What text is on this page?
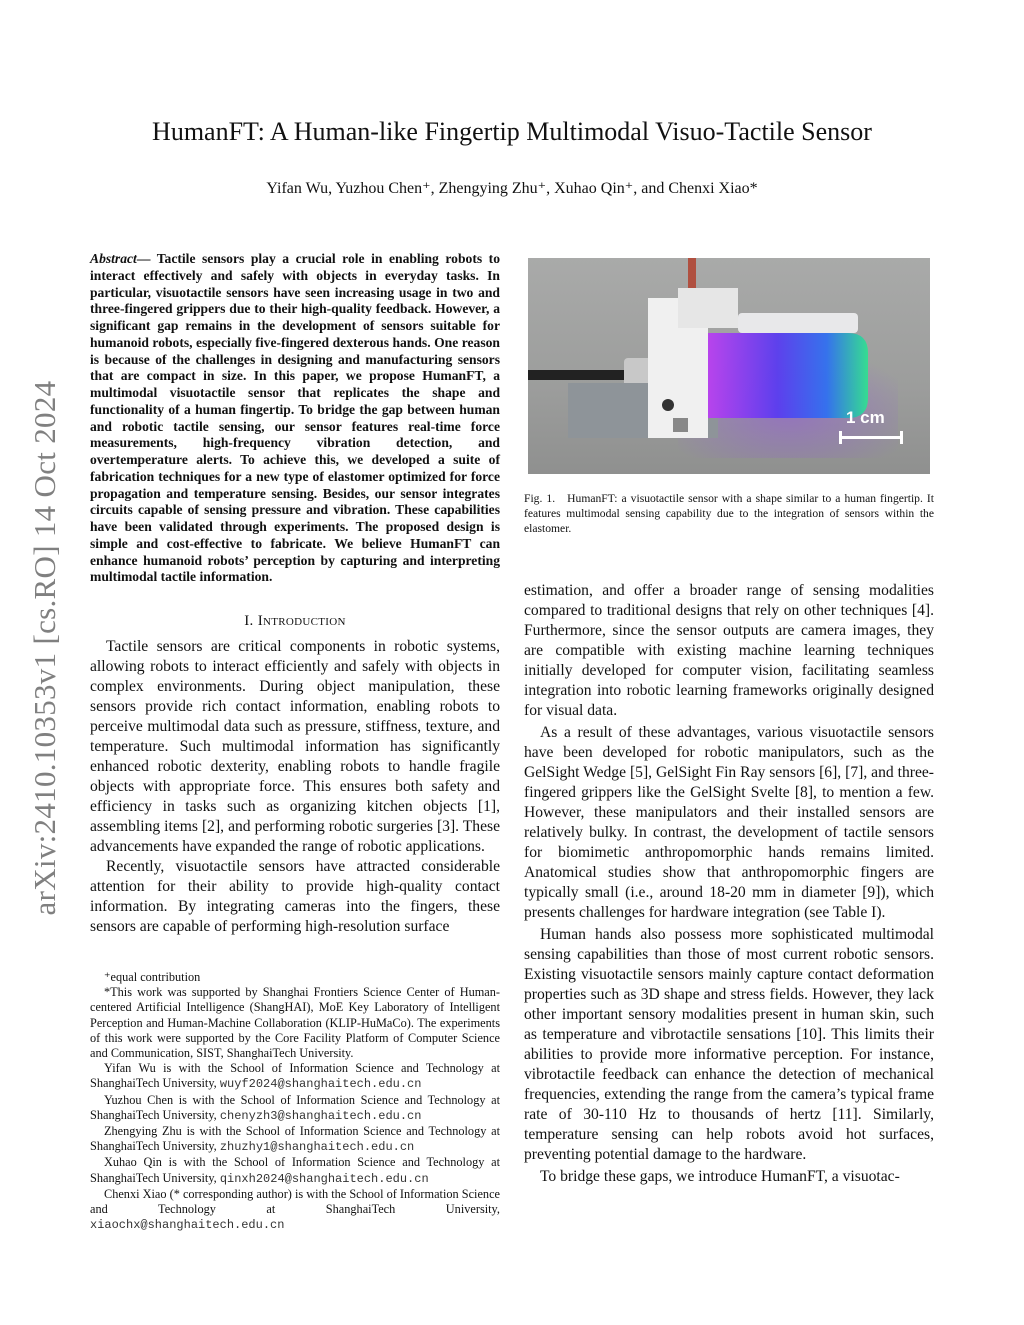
arXiv:2410.10353v1 [cs.RO] 14 Oct 2024
HumanFT: A Human-like Fingertip Multimodal Visuo-Tactile Sensor
Yifan Wu, Yuzhou Chen⁺, Zhengying Zhu⁺, Xuhao Qin⁺, and Chenxi Xiao*
Abstract— Tactile sensors play a crucial role in enabling robots to interact effectively and safely with objects in everyday tasks. In particular, visuotactile sensors have seen increasing usage in two and three-fingered grippers due to their high-quality feedback. However, a significant gap remains in the development of sensors suitable for humanoid robots, especially five-fingered dexterous hands. One reason is because of the challenges in designing and manufacturing sensors that are compact in size. In this paper, we propose HumanFT, a multimodal visuotactile sensor that replicates the shape and functionality of a human fingertip. To bridge the gap between human and robotic tactile sensing, our sensor features real-time force measurements, high-frequency vibration detection, and overtemperature alerts. To achieve this, we developed a suite of fabrication techniques for a new type of elastomer optimized for force propagation and temperature sensing. Besides, our sensor integrates circuits capable of sensing pressure and vibration. These capabilities have been validated through experiments. The proposed design is simple and cost-effective to fabricate. We believe HumanFT can enhance humanoid robots’ perception by capturing and interpreting multimodal tactile information.
I. Introduction

Tactile sensors are critical components in robotic systems, allowing robots to interact efficiently and safely with objects in complex environments. During object manipulation, these sensors provide rich contact information, enabling robots to perceive multimodal data such as pressure, stiffness, texture, and temperature. Such multimodal information has significantly enhanced robotic dexterity, enabling robots to handle fragile objects with appropriate force. This ensures both safety and efficiency in tasks such as organizing kitchen objects [1], assembling items [2], and performing robotic surgeries [3]. These advancements have expanded the range of robotic applications.

Recently, visuotactile sensors have attracted considerable attention for their ability to provide high-quality contact information. By integrating cameras into the fingers, these sensors are capable of performing high-resolution surface

⁺equal contribution

*This work was supported by Shanghai Frontiers Science Center of Human-centered Artificial Intelligence (ShangHAI), MoE Key Laboratory of Intelligent Perception and Human-Machine Collaboration (KLIP-HuMaCo). The experiments of this work were supported by the Core Facility Platform of Computer Science and Communication, SIST, ShanghaiTech University.

Yifan Wu is with the School of Information Science and Technology at ShanghaiTech University, wuyf2024@shanghaitech.edu.cn

Yuzhou Chen is with the School of Information Science and Technology at ShanghaiTech University, chenyzh3@shanghaitech.edu.cn

Zhengying Zhu is with the School of Information Science and Technology at ShanghaiTech University, zhuzhy1@shanghaitech.edu.cn

Xuhao Qin is with the School of Information Science and Technology at ShanghaiTech University, qinxh2024@shanghaitech.edu.cn

Chenxi Xiao (* corresponding author) is with the School of Information Science and Technology at ShanghaiTech University, xiaochx@shanghaitech.edu.cn

1 cm
Fig. 1.   HumanFT: a visuotactile sensor with a shape similar to a human fingertip. It features multimodal sensing capability due to the integration of sensors within the elastomer.

estimation, and offer a broader range of sensing modalities compared to traditional designs that rely on other techniques [4]. Furthermore, since the sensor outputs are camera images, they are compatible with existing machine learning techniques initially developed for computer vision, facilitating seamless integration into robotic learning frameworks originally designed for visual data.

As a result of these advantages, various visuotactile sensors have been developed for robotic manipulators, such as the GelSight Wedge [5], GelSight Fin Ray sensors [6], [7], and three-fingered grippers like the GelSight Svelte [8], to mention a few. However, these manipulators and their installed sensors are relatively bulky. In contrast, the development of tactile sensors for biomimetic anthropomorphic hands remains limited. Anatomical studies show that anthropomorphic fingers are typically small (i.e., around 18-20 mm in diameter [9]), which presents challenges for hardware integration (see Table I).

Human hands also possess more sophisticated multimodal sensing capabilities than those of most current robotic sensors. Existing visuotactile sensors mainly capture contact deformation properties such as 3D shape and stress fields. However, they lack other important sensory modalities present in human skin, such as temperature and vibrotactile sensations [10]. This limits their abilities to provide more informative perception. For instance, vibrotactile feedback can enhance the detection of mechanical frequencies, extending the range from the camera’s typical frame rate of 30-110 Hz to thousands of hertz [11]. Similarly, temperature sensing can help robots avoid hot surfaces, preventing potential damage to the hardware.

To bridge these gaps, we introduce HumanFT, a visuotac-
